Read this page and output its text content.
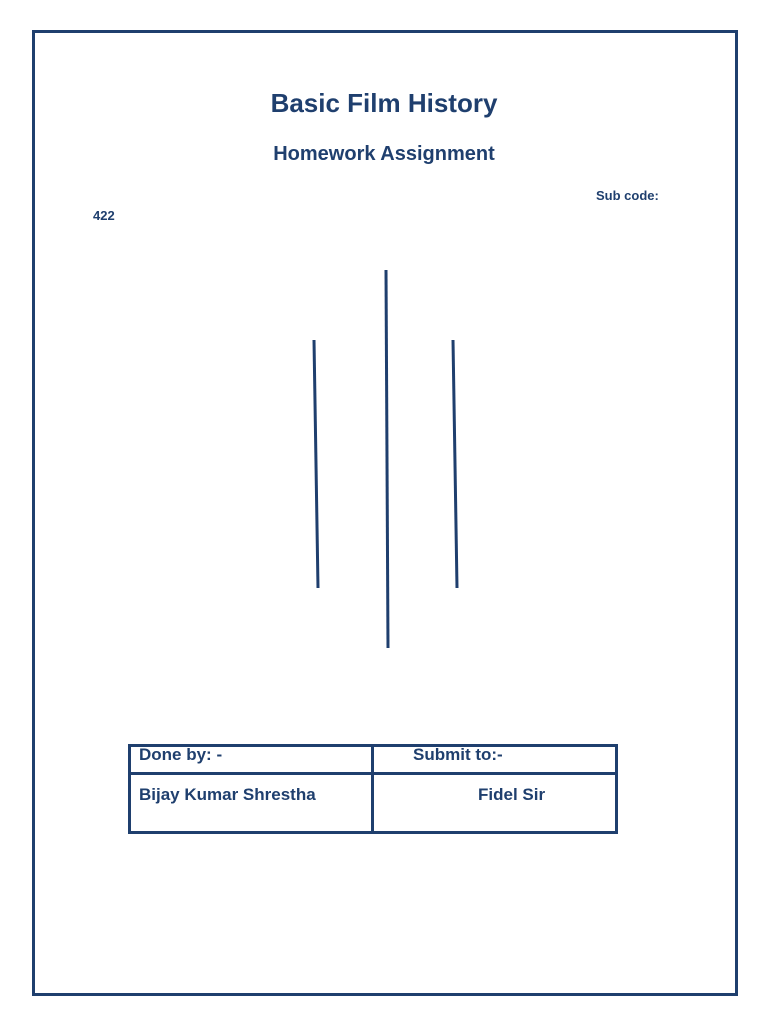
Basic Film History
Homework Assignment
Sub code:
422
Done by: -	Submit to:-
Bijay Kumar Shrestha	Fidel Sir
